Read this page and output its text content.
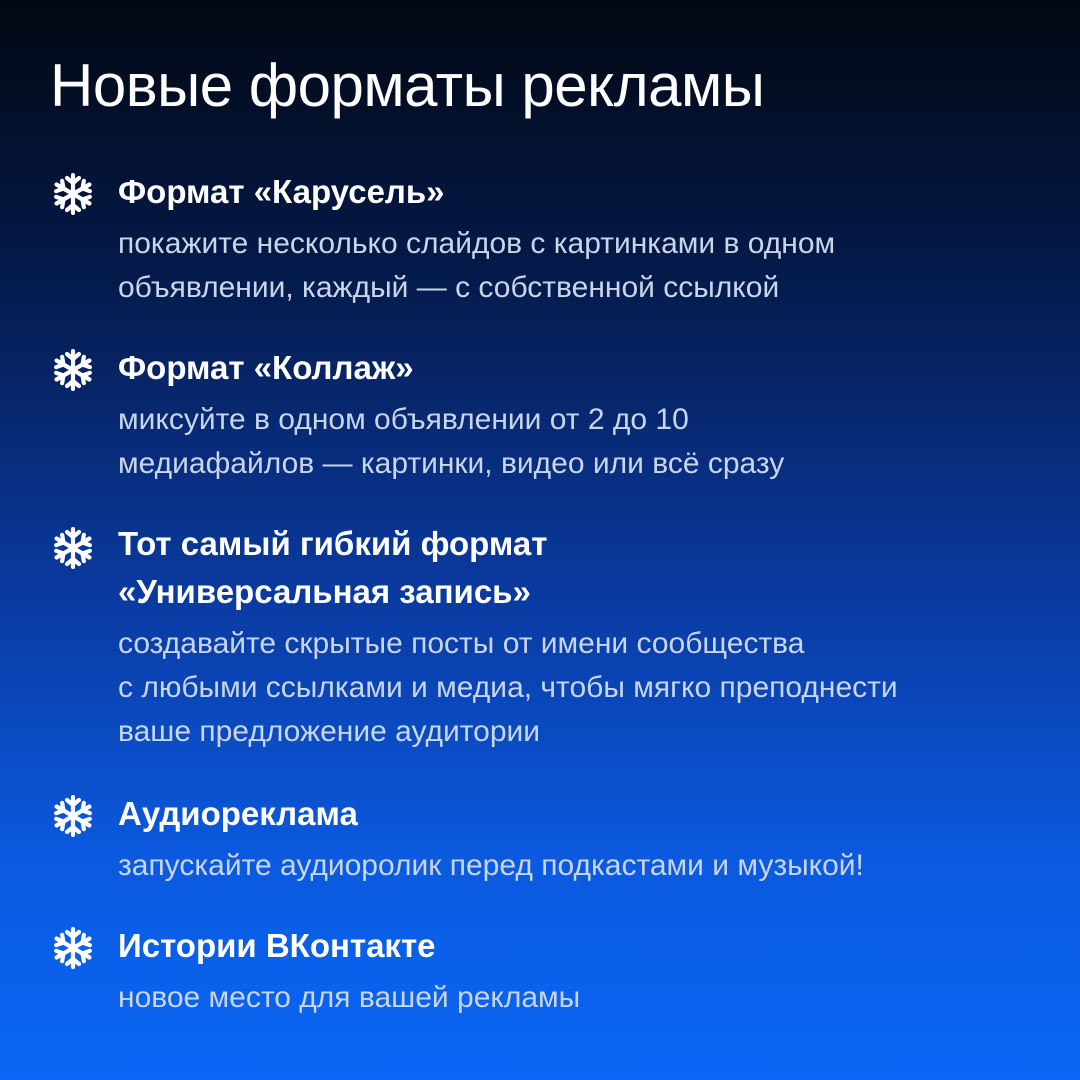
Новые форматы рекламы
Формат «Карусель»
покажите несколько слайдов с картинками в одном
объявлении, каждый — с собственной ссылкой
Формат «Коллаж»
миксуйте в одном объявлении от 2 до 10
медиафайлов — картинки, видео или всё сразу
Тот самый гибкий формат
«Универсальная запись»
создавайте скрытые посты от имени сообщества
с любыми ссылками и медиа, чтобы мягко преподнести
ваше предложение аудитории
Аудиореклама
запускайте аудиоролик перед подкастами и музыкой!
Истории ВКонтакте
новое место для вашей рекламы
